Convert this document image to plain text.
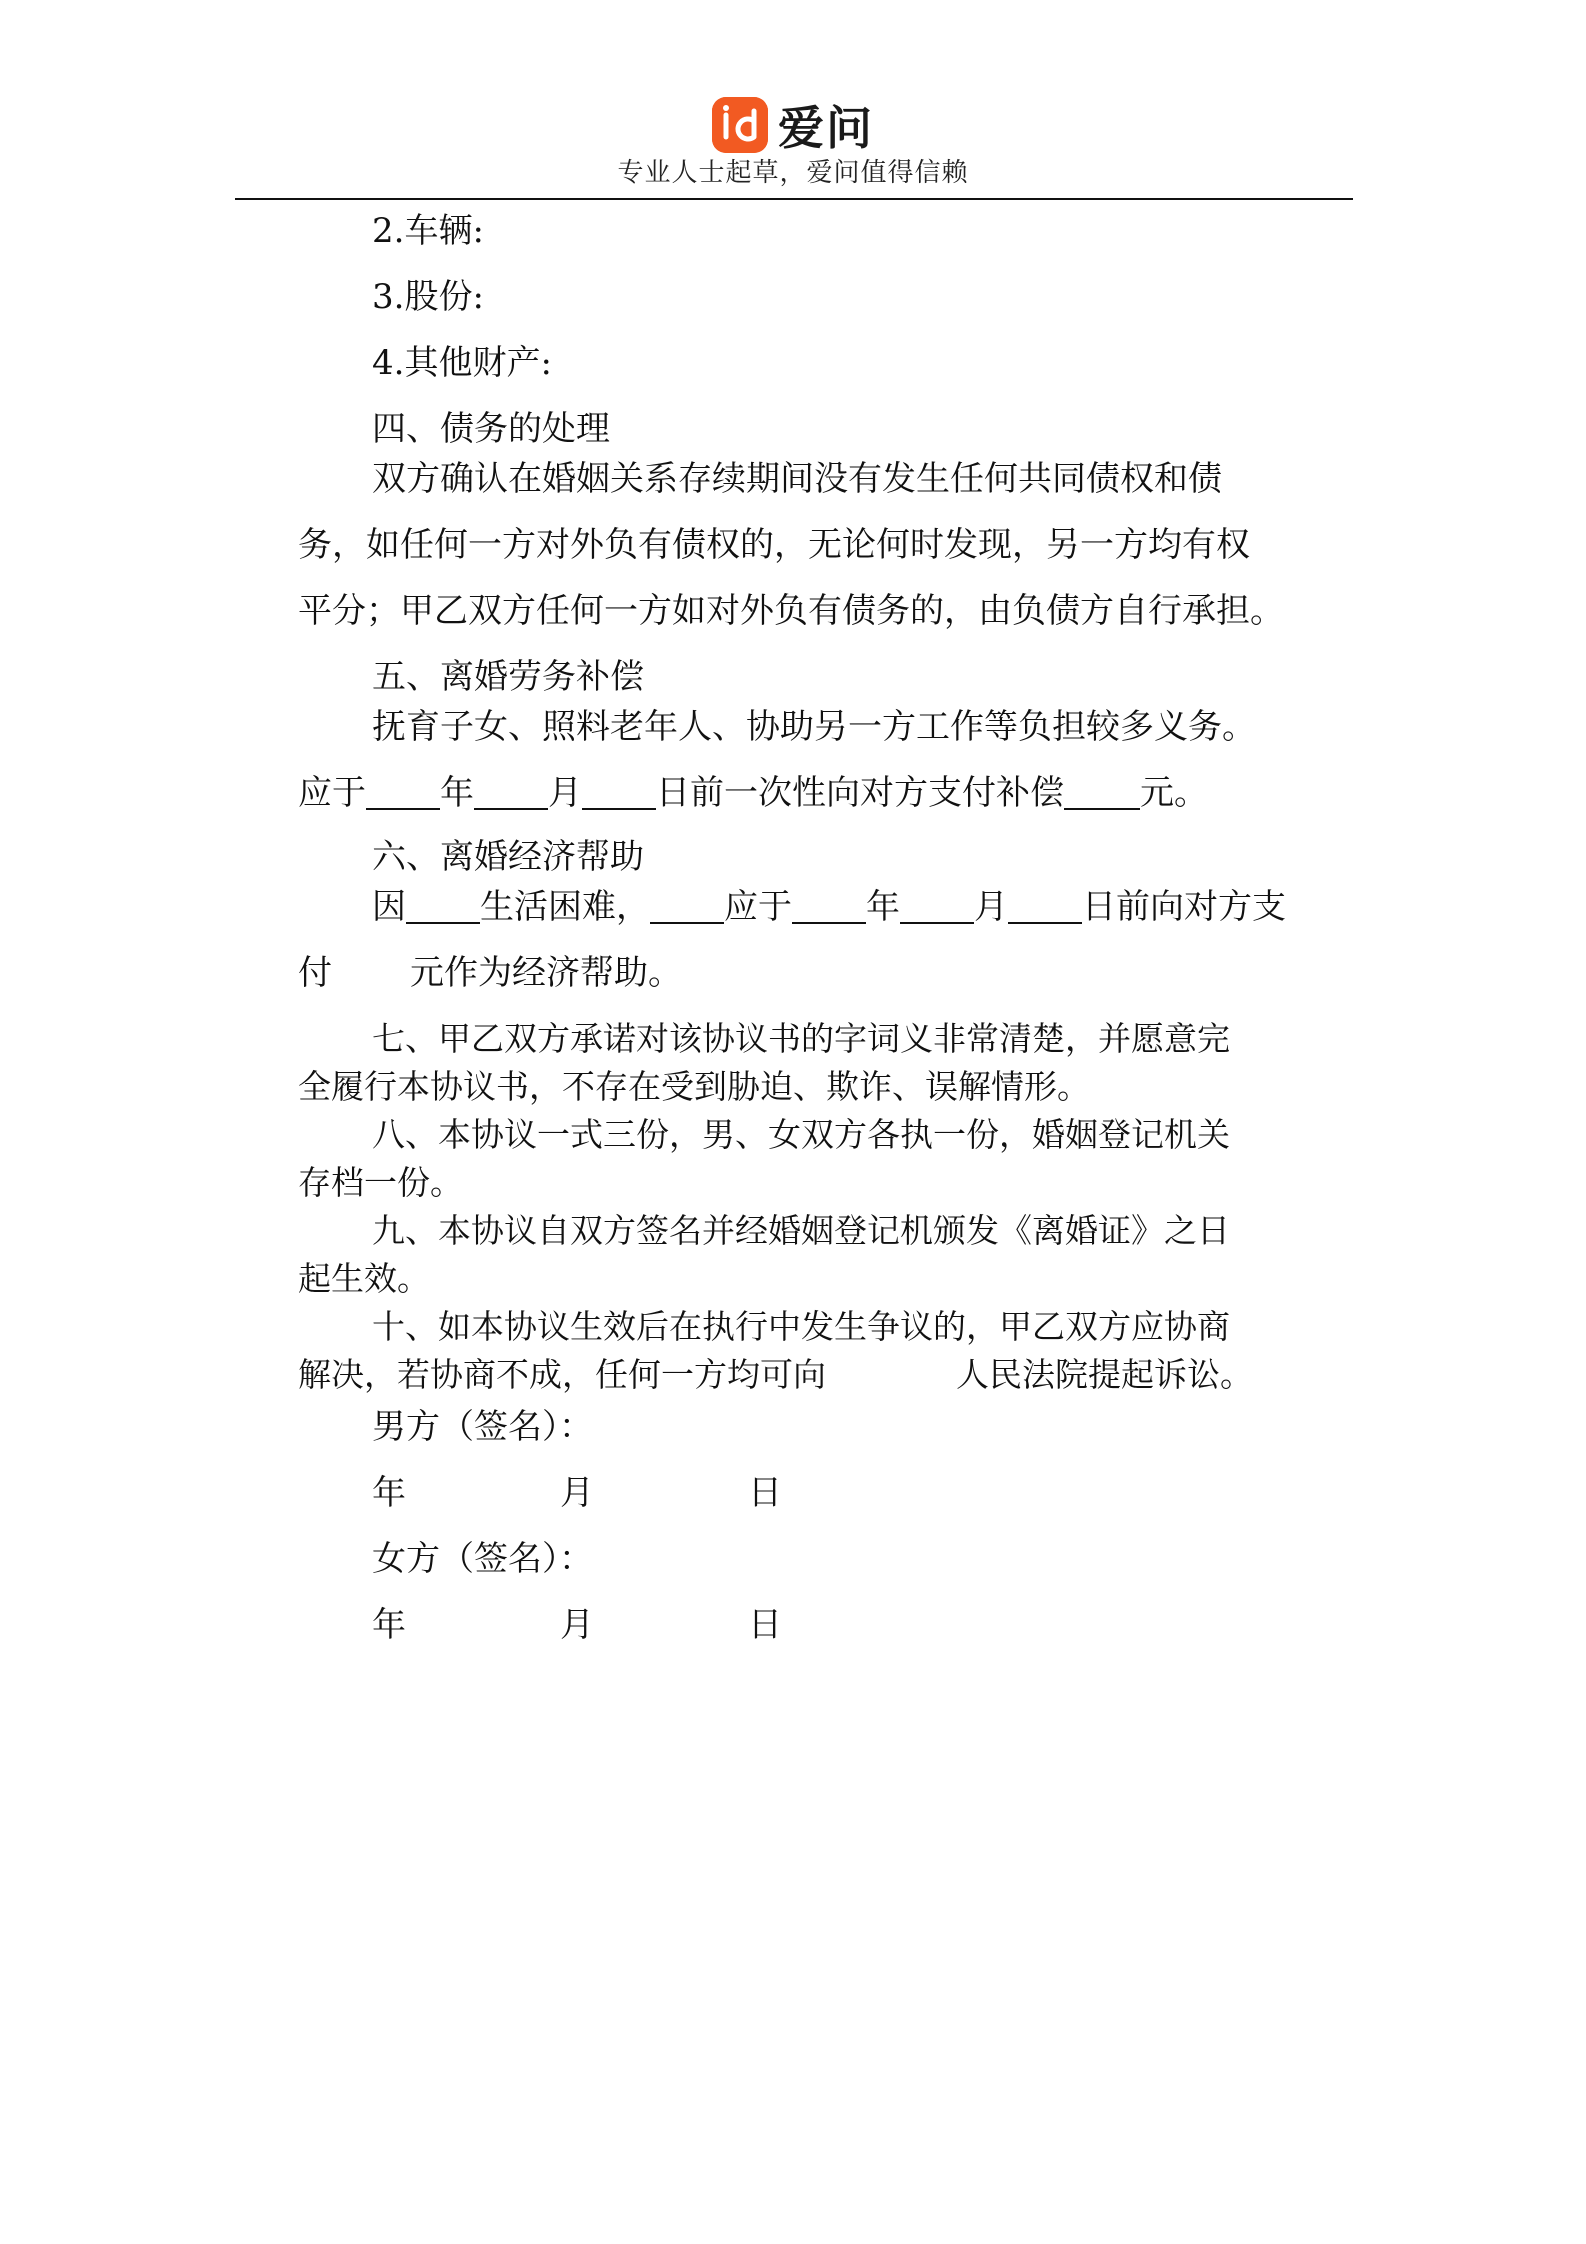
爱问
专业人士起草，爱问值得信赖
2.车辆:
3.股份:
4.其他财产:
四、债务的处理
双方确认在婚姻关系存续期间没有发生任何共同债权和债
务，如任何一方对外负有债权的，无论何时发现，另一方均有权
平分；甲乙双方任何一方如对外负有债务的，由负债方自行承担。
五、离婚劳务补偿
抚育子女、照料老年人、协助另一方工作等负担较多义务。
应于 年 月 日前一次性向对方支付补偿 元。
六、离婚经济帮助
因 生活困难， 应于 年 月 日前向对方支
付 元作为经济帮助。
七、甲乙双方承诺对该协议书的字词义非常清楚，并愿意完
全履行本协议书，不存在受到胁迫、欺诈、误解情形。
八、本协议一式三份，男、女双方各执一份，婚姻登记机关
存档一份。
九、本协议自双方签名并经婚姻登记机颁发《离婚证》之日
起生效。
十、如本协议生效后在执行中发生争议的，甲乙双方应协商
解决，若协商不成，任何一方均可向	人民法院提起诉讼。
男方（签名）：
年	月	日
女方（签名）：
年	月	日
